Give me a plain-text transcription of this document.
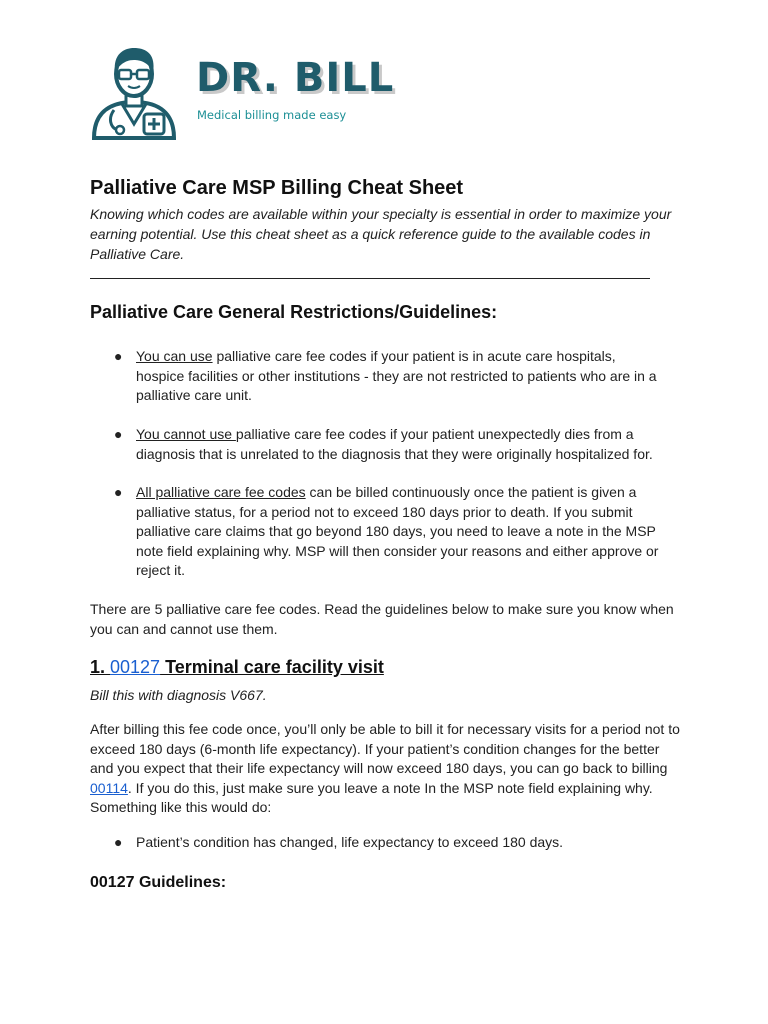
DR. BILL
Medical billing made easy
Palliative Care MSP Billing Cheat Sheet
Knowing which codes are available within your specialty is essential in order to maximize your earning potential. Use this cheat sheet as a quick reference guide to the available codes in Palliative Care.
Palliative Care General Restrictions/Guidelines:
● You can use palliative care fee codes if your patient is in acute care hospitals, hospice facilities or other institutions - they are not restricted to patients who are in a palliative care unit.
● You cannot use palliative care fee codes if your patient unexpectedly dies from a diagnosis that is unrelated to the diagnosis that they were originally hospitalized for.
● All palliative care fee codes can be billed continuously once the patient is given a palliative status, for a period not to exceed 180 days prior to death. If you submit palliative care claims that go beyond 180 days, you need to leave a note in the MSP note field explaining why. MSP will then consider your reasons and either approve or reject it.
There are 5 palliative care fee codes. Read the guidelines below to make sure you know when you can and cannot use them.
1. 00127 Terminal care facility visit
Bill this with diagnosis V667.
After billing this fee code once, you’ll only be able to bill it for necessary visits for a period not to exceed 180 days (6-month life expectancy). If your patient’s condition changes for the better and you expect that their life expectancy will now exceed 180 days, you can go back to billing 00114. If you do this, just make sure you leave a note In the MSP note field explaining why. Something like this would do:
● Patient’s condition has changed, life expectancy to exceed 180 days.
00127 Guidelines:
